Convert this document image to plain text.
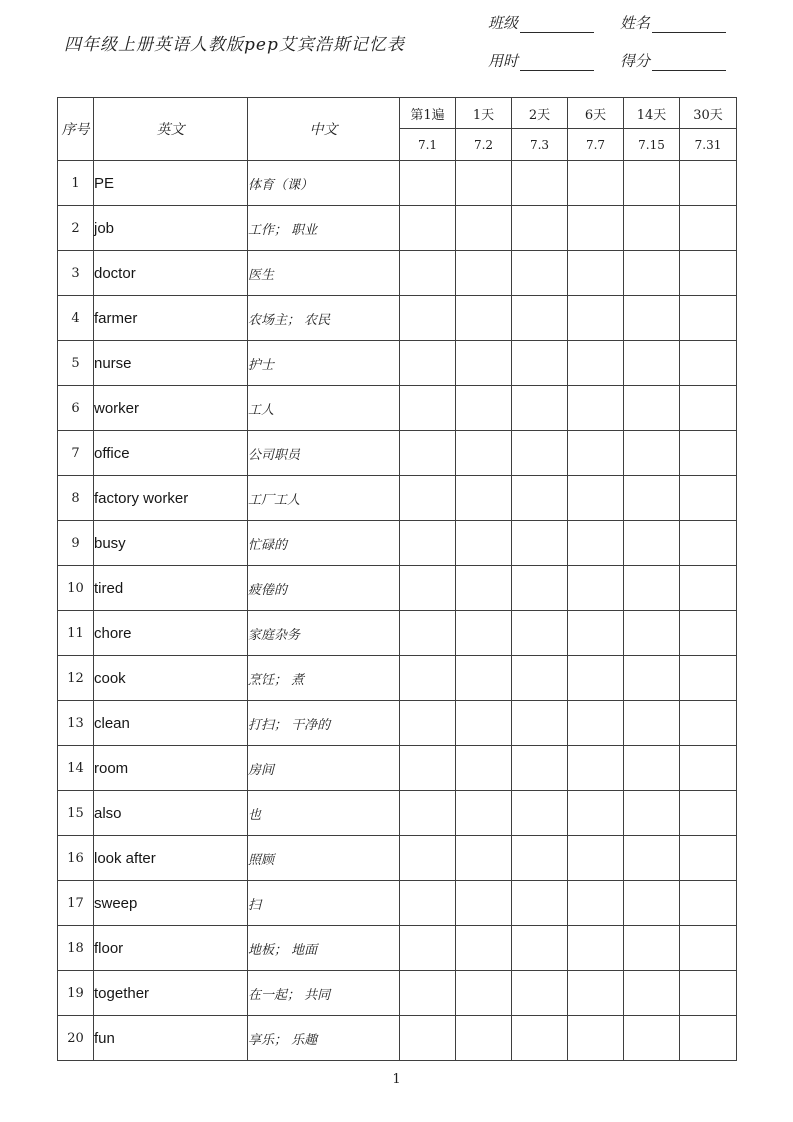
四年级上册英语人教版pep艾宾浩斯记忆表
班级	姓名
用时	得分
序号	英文	中文	第1遍	1天	2天	6天	14天	30天
			7.1	7.2	7.3	7.7	7.15	7.31
1	PE	体育（课）						
2	job	工作； 职业						
3	doctor	医生						
4	farmer	农场主； 农民						
5	nurse	护士						
6	worker	工人						
7	office	公司职员						
8	factory worker	工厂工人						
9	busy	忙碌的						
10	tired	疲倦的						
11	chore	家庭杂务						
12	cook	烹饪； 煮						
13	clean	打扫； 干净的						
14	room	房间						
15	also	也						
16	look after	照顾						
17	sweep	扫						
18	floor	地板； 地面						
19	together	在一起； 共同						
20	fun	享乐； 乐趣						
1
